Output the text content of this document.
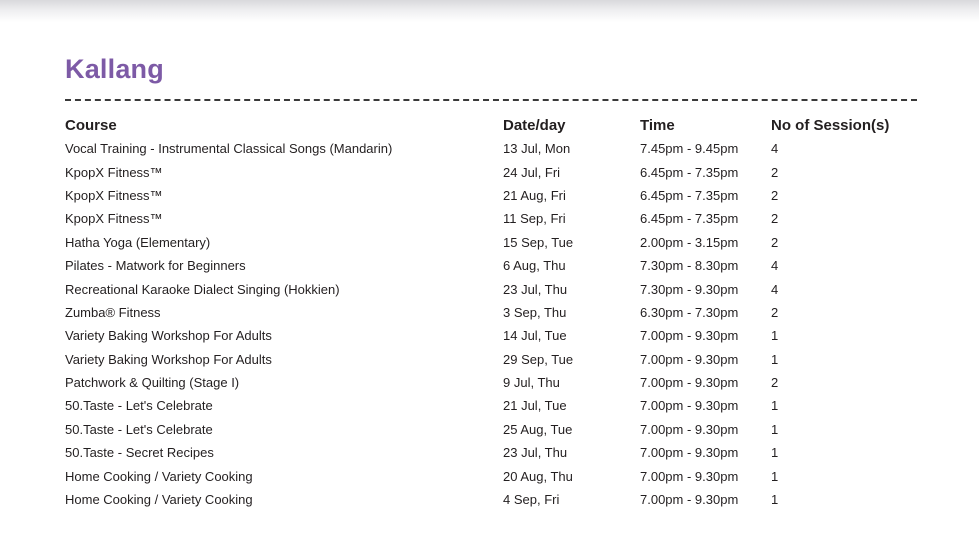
Kallang
Course	Date/day	Time	No of Session(s)
Vocal Training - Instrumental Classical Songs (Mandarin)	13 Jul, Mon	7.45pm - 9.45pm	4
KpopX Fitness™	24 Jul, Fri	6.45pm - 7.35pm	2
KpopX Fitness™	21 Aug, Fri	6.45pm - 7.35pm	2
KpopX Fitness™	11 Sep, Fri	6.45pm - 7.35pm	2
Hatha Yoga (Elementary)	15 Sep, Tue	2.00pm - 3.15pm	2
Pilates - Matwork for Beginners	6 Aug, Thu	7.30pm - 8.30pm	4
Recreational Karaoke Dialect Singing (Hokkien)	23 Jul, Thu	7.30pm - 9.30pm	4
Zumba® Fitness	3 Sep, Thu	6.30pm - 7.30pm	2
Variety Baking Workshop For Adults	14 Jul, Tue	7.00pm - 9.30pm	1
Variety Baking Workshop For Adults	29 Sep, Tue	7.00pm - 9.30pm	1
Patchwork & Quilting (Stage I)	9 Jul, Thu	7.00pm - 9.30pm	2
50.Taste - Let's Celebrate	21 Jul, Tue	7.00pm - 9.30pm	1
50.Taste - Let's Celebrate	25 Aug, Tue	7.00pm - 9.30pm	1
50.Taste - Secret Recipes	23 Jul, Thu	7.00pm - 9.30pm	1
Home Cooking / Variety Cooking	20 Aug, Thu	7.00pm - 9.30pm	1
Home Cooking / Variety Cooking	4 Sep, Fri	7.00pm - 9.30pm	1
